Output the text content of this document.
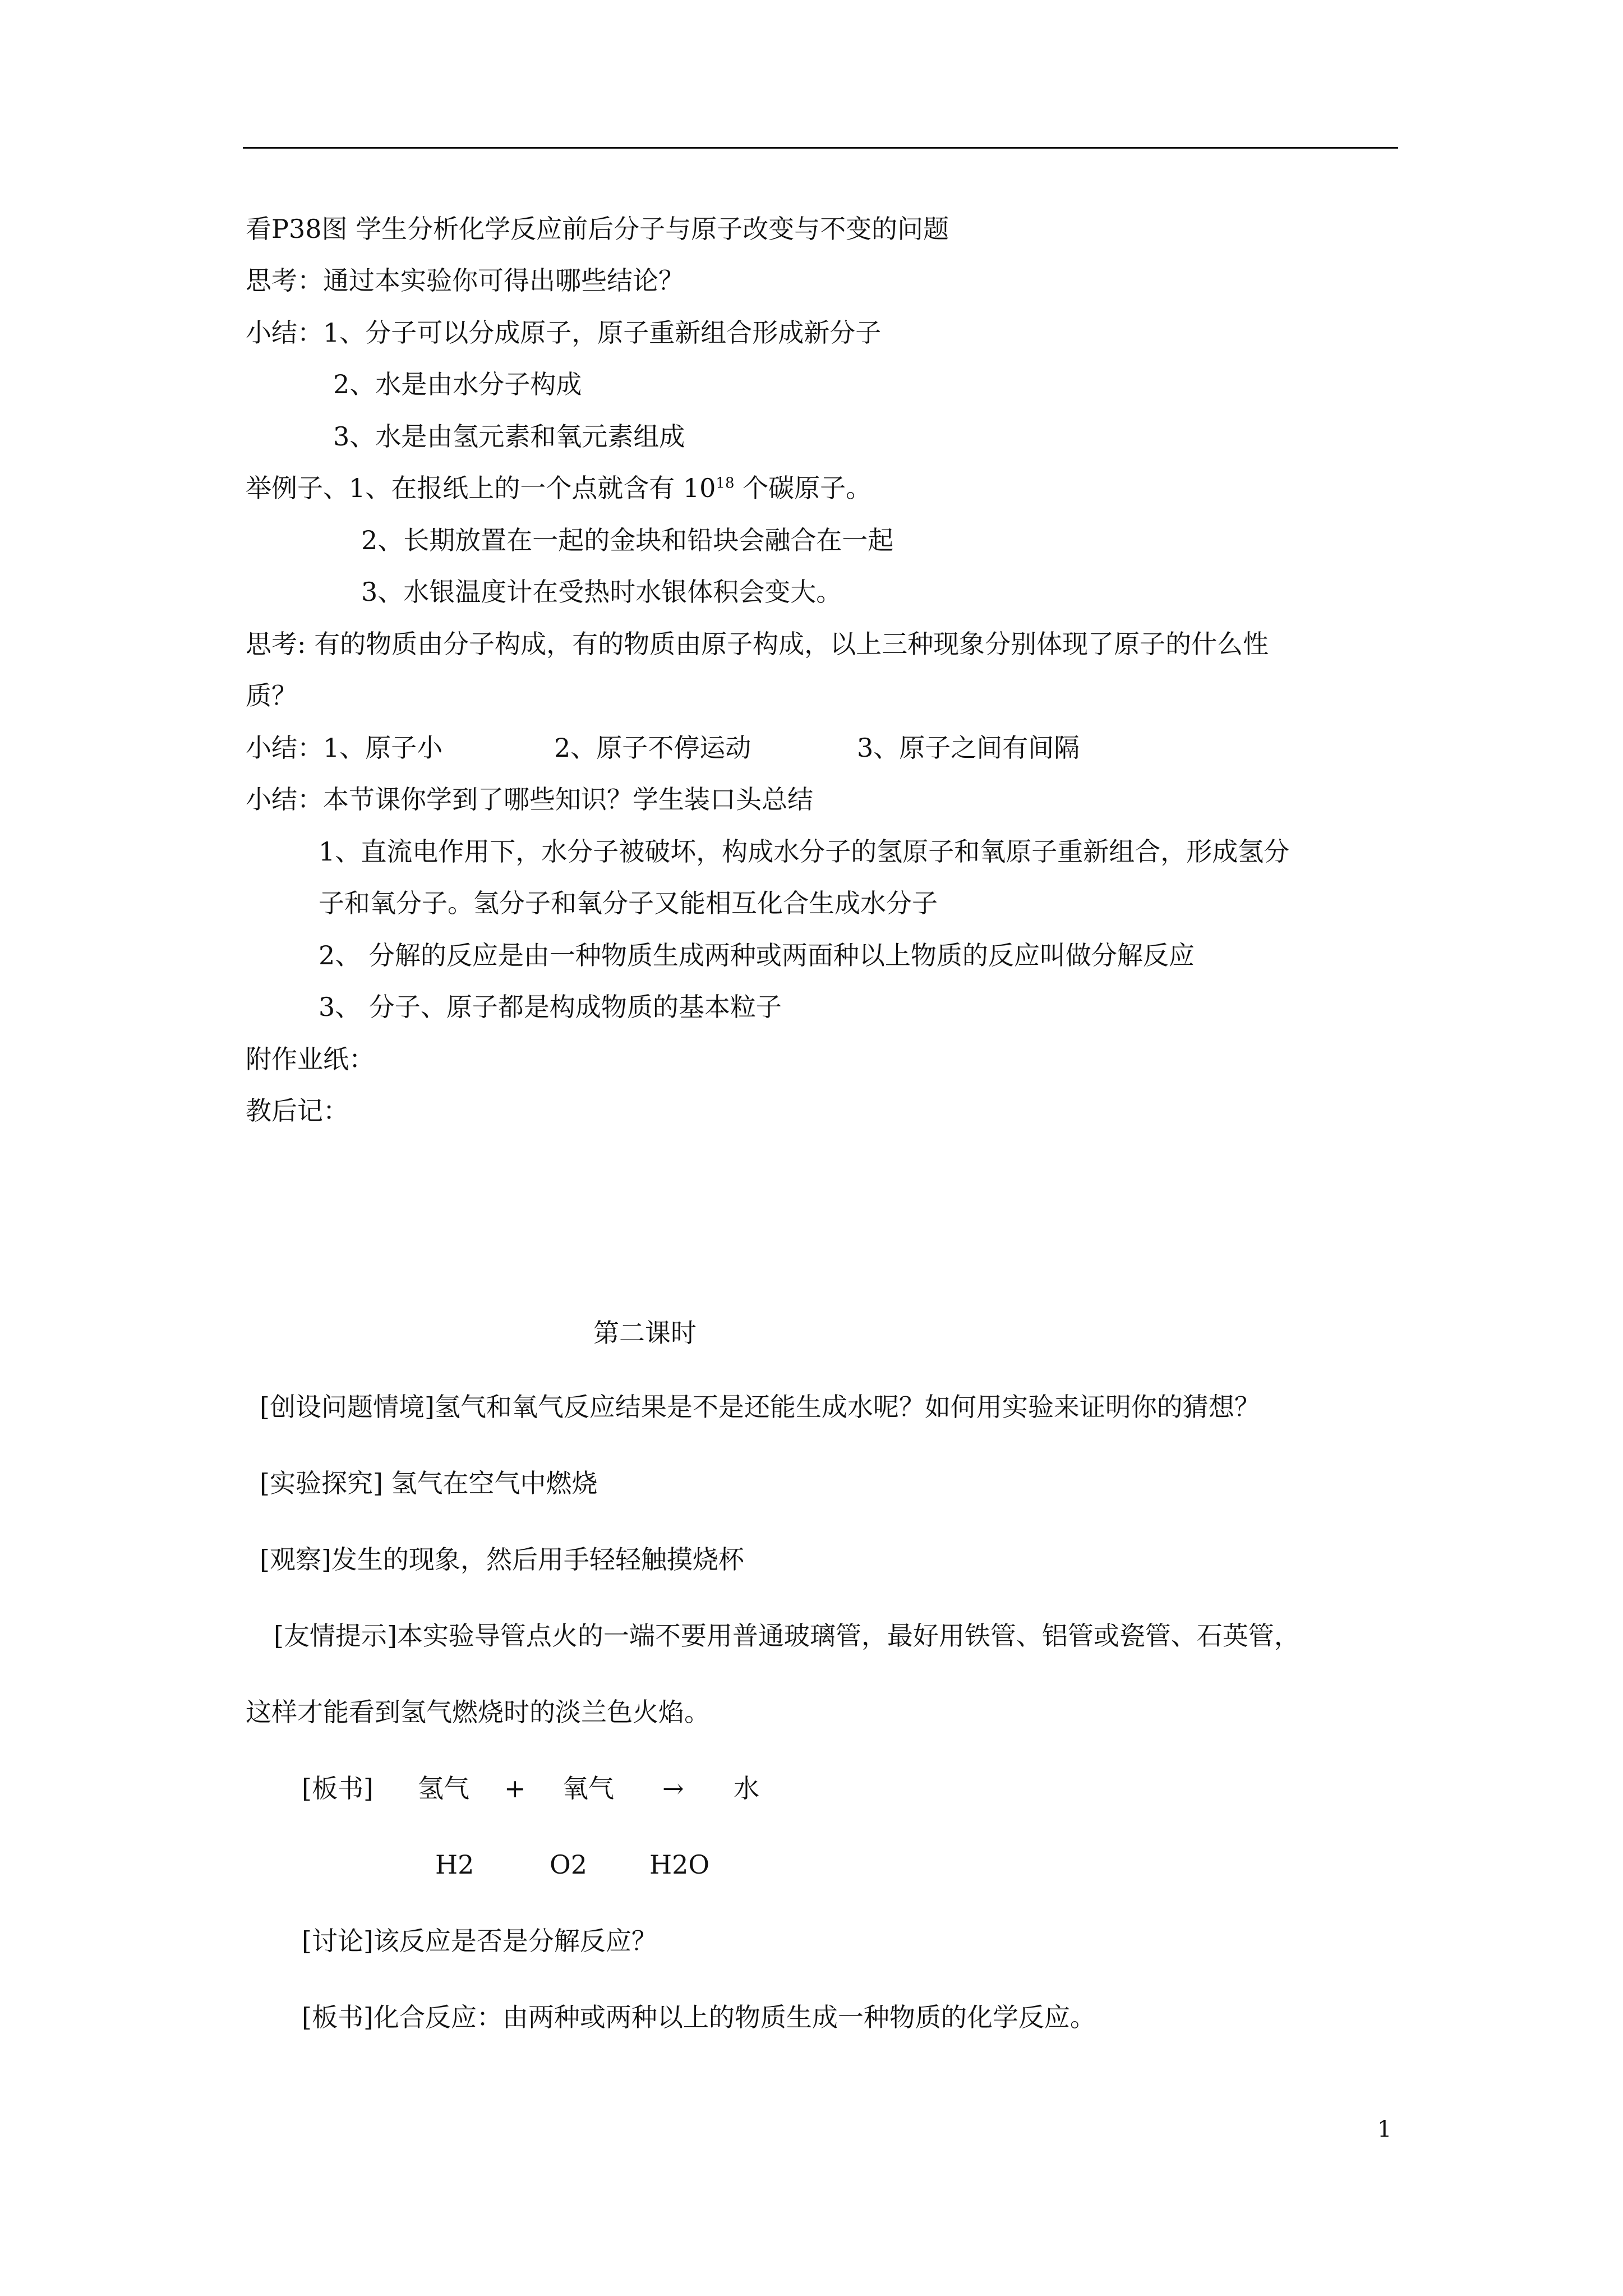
看P38图 学生分析化学反应前后分子与原子改变与不变的问题
思考：通过本实验你可得出哪些结论？
小结：1、分子可以分成原子，原子重新组合形成新分子
2、水是由水分子构成
3、水是由氢元素和氧元素组成
举例子、1、在报纸上的一个点就含有 $10^{18}$ 个碳原子。
2、长期放置在一起的金块和铅块会融合在一起
3、水银温度计在受热时水银体积会变大。
思考: 有的物质由分子构成，有的物质由原子构成，以上三种现象分别体现了原子的什么性
质？
小结：1、原子小	2、原子不停运动	3、原子之间有间隔
小结：本节课你学到了哪些知识？学生装口头总结
1、直流电作用下，水分子被破坏，构成水分子的氢原子和氧原子重新组合，形成氢分
子和氧分子。氢分子和氧分子又能相互化合生成水分子
2、 分解的反应是由一种物质生成两种或两面种以上物质的反应叫做分解反应
3、 分子、原子都是构成物质的基本粒子
附作业纸：
教后记：
第二课时
[创设问题情境]氢气和氧气反应结果是不是还能生成水呢？如何用实验来证明你的猜想？
[实验探究] 氢气在空气中燃烧
[观察]发生的现象，然后用手轻轻触摸烧杯
[友情提示]本实验导管点火的一端不要用普通玻璃管，最好用铁管、铝管或瓷管、石英管，
这样才能看到氢气燃烧时的淡兰色火焰。
[板书] 氢气 + 氧气 → 水
H2	O2 H2O
[讨论]该反应是否是分解反应？
[板书]化合反应：由两种或两种以上的物质生成一种物质的化学反应。
1
